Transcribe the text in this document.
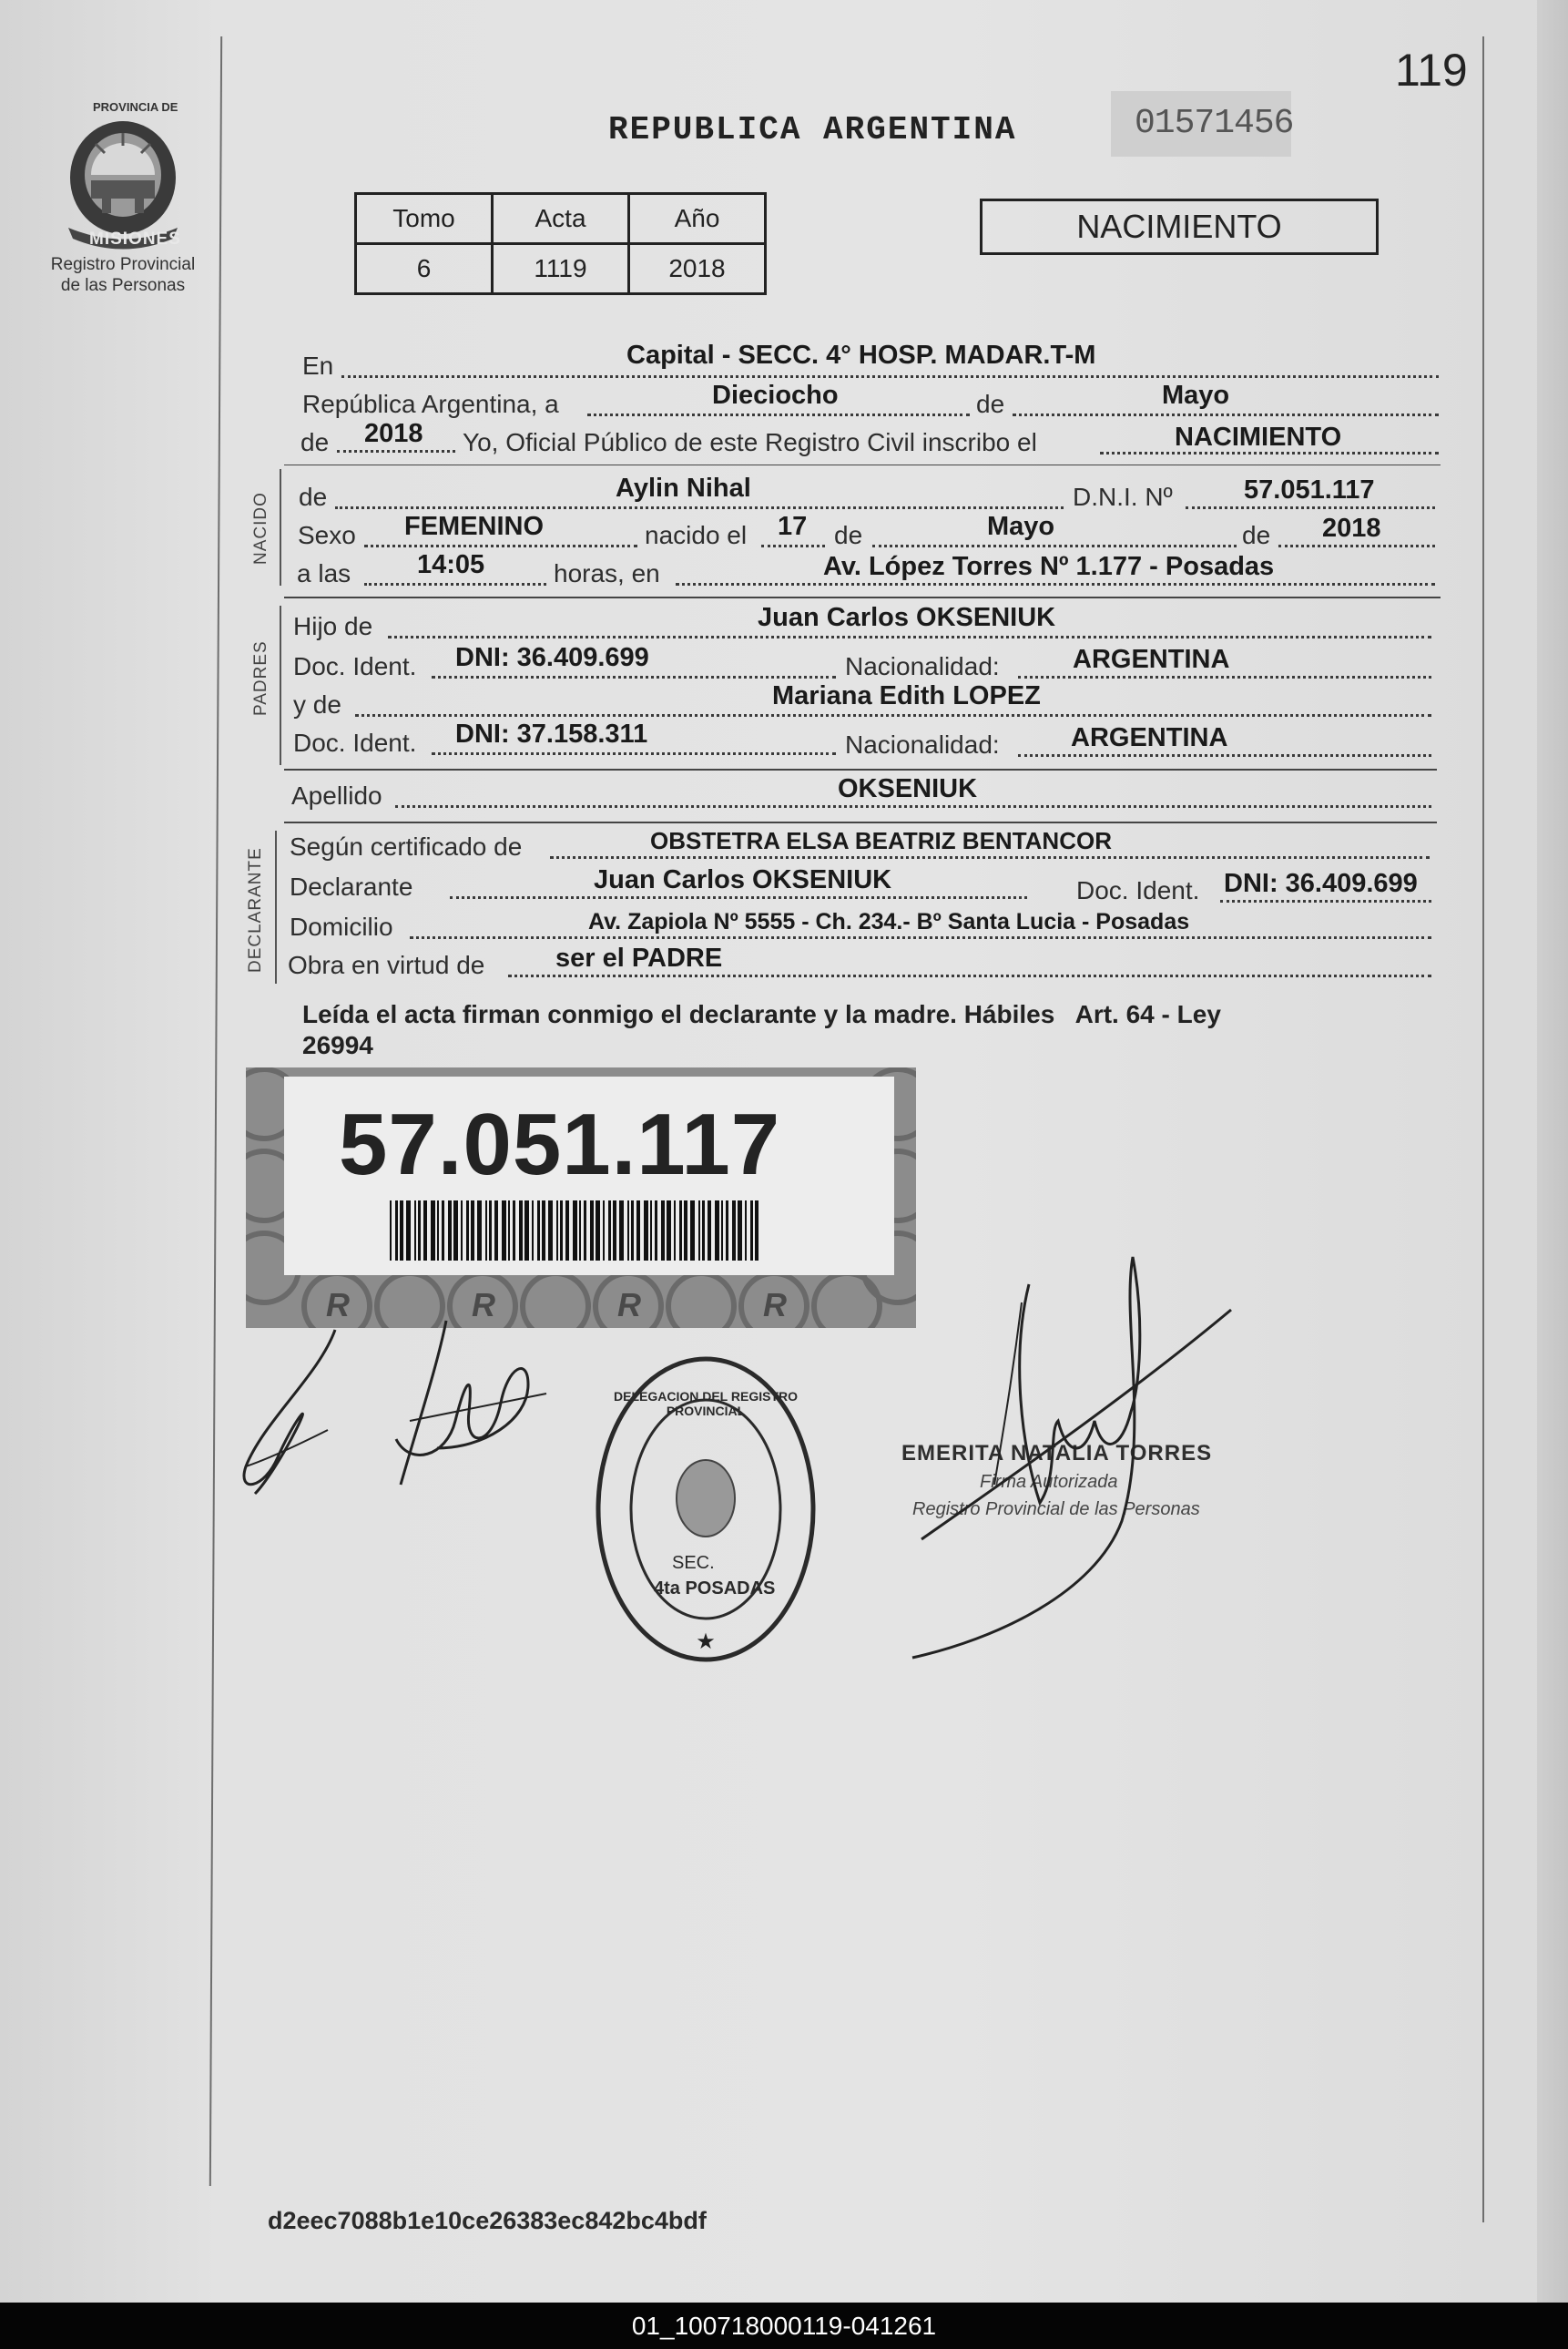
119
PROVINCIA DE
MISIONES
Registro Provincial
de las Personas
REPUBLICA ARGENTINA	01571456
Tomo	Acta	Año
6	1119	2018
NACIMIENTO
En	Capital - SECC. 4° HOSP. MADAR.T-M
República Argentina, a	Dieciocho	de	Mayo
de 2018 Yo, Oficial Público de este Registro Civil inscribo el	NACIMIENTO
NACIDO de	Aylin Nihal	D.N.I. Nº	57.051.117
Sexo FEMENINO	nacido el 17 de	Mayo	de 2018
a las	14:05	horas, en	Av. López Torres Nº 1.177 - Posadas
PADRES
Hijo de	Juan Carlos OKSENIUK
Doc. Ident. DNI: 36.409.699	Nacionalidad:	ARGENTINA
y de	Mariana Edith LOPEZ
Doc. Ident. DNI: 37.158.311	Nacionalidad:	ARGENTINA
Apellido	OKSENIUK
DECLARANTE
Según certificado de	OBSTETRA ELSA BEATRIZ BENTANCOR
Declarante	Juan Carlos OKSENIUK	Doc. Ident. DNI: 36.409.699
Domicilio	Av. Zapiola Nº 5555 - Ch. 234.- Bº Santa Lucia - Posadas
Obra en virtud de	ser el PADRE
Leída el acta firman conmigo el declarante y la madre. Hábiles   Art. 64 - Ley
26994
R	R	R	R
57.051.117
★
DELEGACION DEL REGISTRO PROVINCIAL
SEC.
4ta POSADAS
EMERITA NATALIA TORRES
Firma Autorizada
Registro Provincial de las Personas
d2eec7088b1e10ce26383ec842bc4bdf
01_100718000119-041261
